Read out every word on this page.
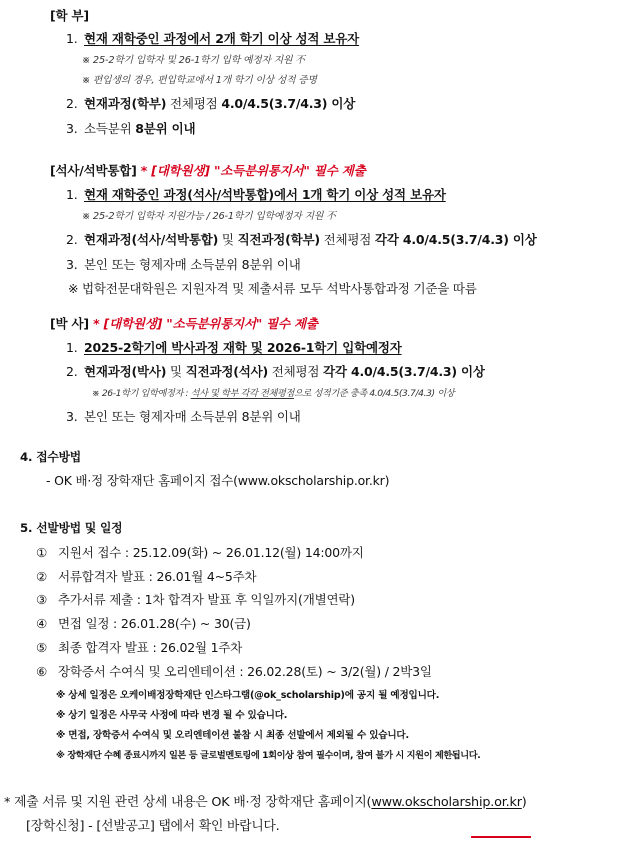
[학 부]
1. 현재 재학중인 과정에서 2개 학기 이상 성적 보유자
※ 25-2학기 입학자 및 26-1학기 입학 예정자 지원 不
※ 편입생의 경우, 편입학교에서 1개 학기 이상 성적 증명
2. 현재과정(학부) 전체평점 4.0/4.5(3.7/4.3) 이상
3. 소득분위 8분위 이내
[석사/석박통합] * [대학원생] "소득분위통지서" 필수 제출
1. 현재 재학중인 과정(석사/석박통합)에서 1개 학기 이상 성적 보유자
※ 25-2학기 입학자 지원가능 / 26-1학기 입학예정자 지원 不
2. 현재과정(석사/석박통합) 및 직전과정(학부) 전체평점 각각 4.0/4.5(3.7/4.3) 이상
3. 본인 또는 형제자매 소득분위 8분위 이내
※ 법학전문대학원은 지원자격 및 제출서류 모두 석박사통합과정 기준을 따름
[박 사] * [대학원생] "소득분위통지서" 필수 제출
1. 2025-2학기에 박사과정 재학 및 2026-1학기 입학예정자
2. 현재과정(박사) 및 직전과정(석사) 전체평점 각각 4.0/4.5(3.7/4.3) 이상
※ 26-1학기 입학예정자 : 석사 및 학부 각각 전체평점으로 성적기준 충족 4.0/4.5(3.7/4.3) 이상
3. 본인 또는 형제자매 소득분위 8분위 이내
4. 접수방법
- OK 배·정 장학재단 홈페이지 접수(www.okscholarship.or.kr)
5. 선발방법 및 일정
① 지원서 접수 : 25.12.09(화) ~ 26.01.12(월) 14:00까지
② 서류합격자 발표 : 26.01월 4~5주차
③ 추가서류 제출 : 1차 합격자 발표 후 익일까지(개별연락)
④ 면접 일정 : 26.01.28(수) ~ 30(금)
⑤ 최종 합격자 발표 : 26.02월 1주차
⑥ 장학증서 수여식 및 오리엔테이션 : 26.02.28(토) ~ 3/2(월) / 2박3일
※ 상세 일정은 오케이배정장학재단 인스타그램(@ok_scholarship)에 공지 될 예정입니다.
※ 상기 일정은 사무국 사정에 따라 변경 될 수 있습니다.
※ 면접, 장학증서 수여식 및 오리엔테이션 불참 시 최종 선발에서 제외될 수 있습니다.
※ 장학재단 수혜 종료시까지 일본 등 글로벌멘토링에 1회이상 참여 필수이며, 참여 불가 시 지원이 제한됩니다.
* 제출 서류 및 지원 관련 상세 내용은 OK 배·정 장학재단 홈페이지(www.okscholarship.or.kr)
[장학신청] - [선발공고] 탭에서 확인 바랍니다.
